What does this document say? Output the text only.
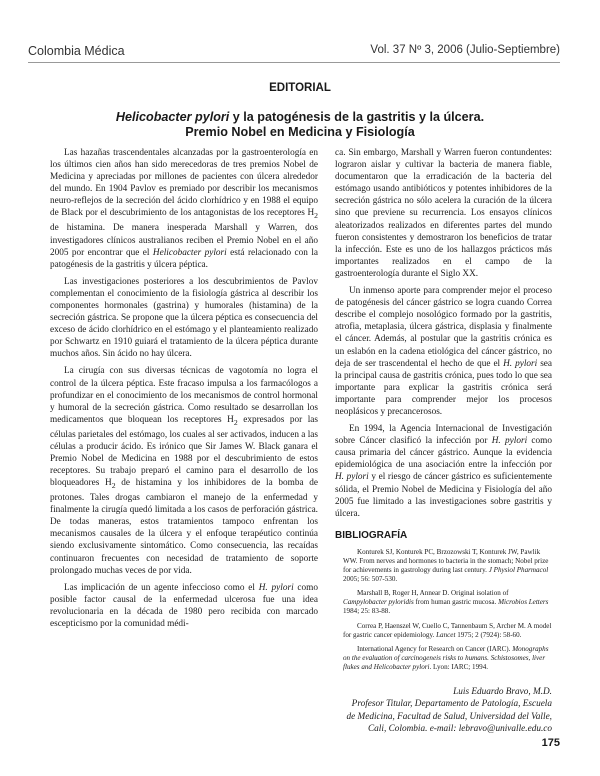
Colombia Médica	Vol. 37 Nº 3, 2006 (Julio-Septiembre)
EDITORIAL
Helicobacter pylori y la patogénesis de la gastritis y la úlcera.
Premio Nobel en Medicina y Fisiología

Las hazañas trascendentales alcanzadas por la gastroenterología en los últimos cien años han sido merecedoras de tres premios Nobel de Medicina y apreciadas por millones de pacientes con úlcera alrededor del mundo. En 1904 Pavlov es premiado por describir los mecanismos neuro-reflejos de la secreción del ácido clorhídrico y en 1988 el equipo de Black por el descubrimiento de los antagonistas de los receptores $H_2$ de histamina. De manera inesperada Marshall y Warren, dos investigadores clínicos australianos reciben el Premio Nobel en el año 2005 por encontrar que el Helicobacter pylori está relacionado con la patogénesis de la gastritis y úlcera péptica.

Las investigaciones posteriores a los descubrimientos de Pavlov complementan el conocimiento de la fisiología gástrica al describir los componentes hormonales (gastrina) y humorales (histamina) de la secreción gástrica. Se propone que la úlcera péptica es consecuencia del exceso de ácido clorhídrico en el estómago y el planteamiento realizado por Schwartz en 1910 guiará el tratamiento de la úlcera péptica durante muchos años. Sin ácido no hay úlcera.

La cirugía con sus diversas técnicas de vagotomía no logra el control de la úlcera péptica. Este fracaso impulsa a los farmacólogos a profundizar en el conocimiento de los mecanismos de control hormonal y humoral de la secreción gástrica. Como resultado se desarrollan los medicamentos que bloquean los receptores $H_2$ expresados por las células parietales del estómago, los cuales al ser activados, inducen a las células a producir ácido. Es irónico que Sir James W. Black ganara el Premio Nobel de Medicina en 1988 por el descubrimiento de estos receptores. Su trabajo preparó el camino para el desarrollo de los bloqueadores $H_2$ de histamina y los inhibidores de la bomba de protones. Tales drogas cambiaron el manejo de la enfermedad y finalmente la cirugía quedó limitada a los casos de perforación gástrica. De todas maneras, estos tratamientos tampoco enfrentan los mecanismos causales de la úlcera y el enfoque terapéutico continúa siendo exclusivamente sintomático. Como consecuencia, las recaídas continuaron frecuentes con necesidad de tratamiento de soporte prolongado muchas veces de por vida.

Las implicación de un agente infeccioso como el H. pylori como posible factor causal de la enfermedad ulcerosa fue una idea revolucionaria en la década de 1980 pero recibida con marcado escepticismo por la comunidad médi-

ca. Sin embargo, Marshall y Warren fueron contundentes: lograron aislar y cultivar la bacteria de manera fiable, documentaron que la erradicación de la bacteria del estómago usando antibióticos y potentes inhibidores de la secreción gástrica no sólo acelera la curación de la úlcera sino que previene su recurrencia. Los ensayos clínicos aleatorizados realizados en diferentes partes del mundo fueron consistentes y demostraron los beneficios de tratar la infección. Este es uno de los hallazgos prácticos más importantes realizados en el campo de la gastroenterología durante el Siglo XX.

Un inmenso aporte para comprender mejor el proceso de patogénesis del cáncer gástrico se logra cuando Correa describe el complejo nosológico formado por la gastritis, atrofia, metaplasia, úlcera gástrica, displasia y finalmente el cáncer. Además, al postular que la gastritis crónica es un eslabón en la cadena etiológica del cáncer gástrico, no deja de ser trascendental el hecho de que el H. pylori sea la principal causa de gastritis crónica, pues todo lo que sea importante para explicar la gastritis crónica será importante para comprender mejor los procesos neoplásicos y precancerosos.

En 1994, la Agencia Internacional de Investigación sobre Cáncer clasificó la infección por H. pylori como causa primaria del cáncer gástrico. Aunque la evidencia epidemiológica de una asociación entre la infección por H. pylori y el riesgo de cáncer gástrico es suficientemente sólida, el Premio Nobel de Medicina y Fisiología del año 2005 fue limitado a las investigaciones sobre gastritis y úlcera.

BIBLIOGRAFÍA

Konturek SJ, Konturek PC, Brzozowski T, Konturek JW, Pawlik WW. From nerves and hormones to bacteria in the stomach; Nobel prize for achievements in gastrology during last century. J Physiol Pharmacol 2005; 56: 507-530.

Marshall B, Roger H, Annear D. Original isolation of Campylobacter pyloridis from human gastric mucosa. Microbios Letters 1984; 25: 83-88.

Correa P, Haenszel W, Cuello C, Tannenbaum S, Archer M. A model for gastric cancer epidemiology. Lancet 1975; 2 (7924): 58-60.

International Agency for Research on Cancer (IARC). Monographs on the evaluation of carcinogeneis risks to humans. Schistosomes, liver flukes and Helicobacter pylori. Lyon: IARC; 1994.

Luis Eduardo Bravo, M.D.
Profesor Titular, Departamento de Patología, Escuela
de Medicina, Facultad de Salud, Universidad del Valle,
Cali, Colombia. e-mail: lebravo@univalle.edu.co
175
